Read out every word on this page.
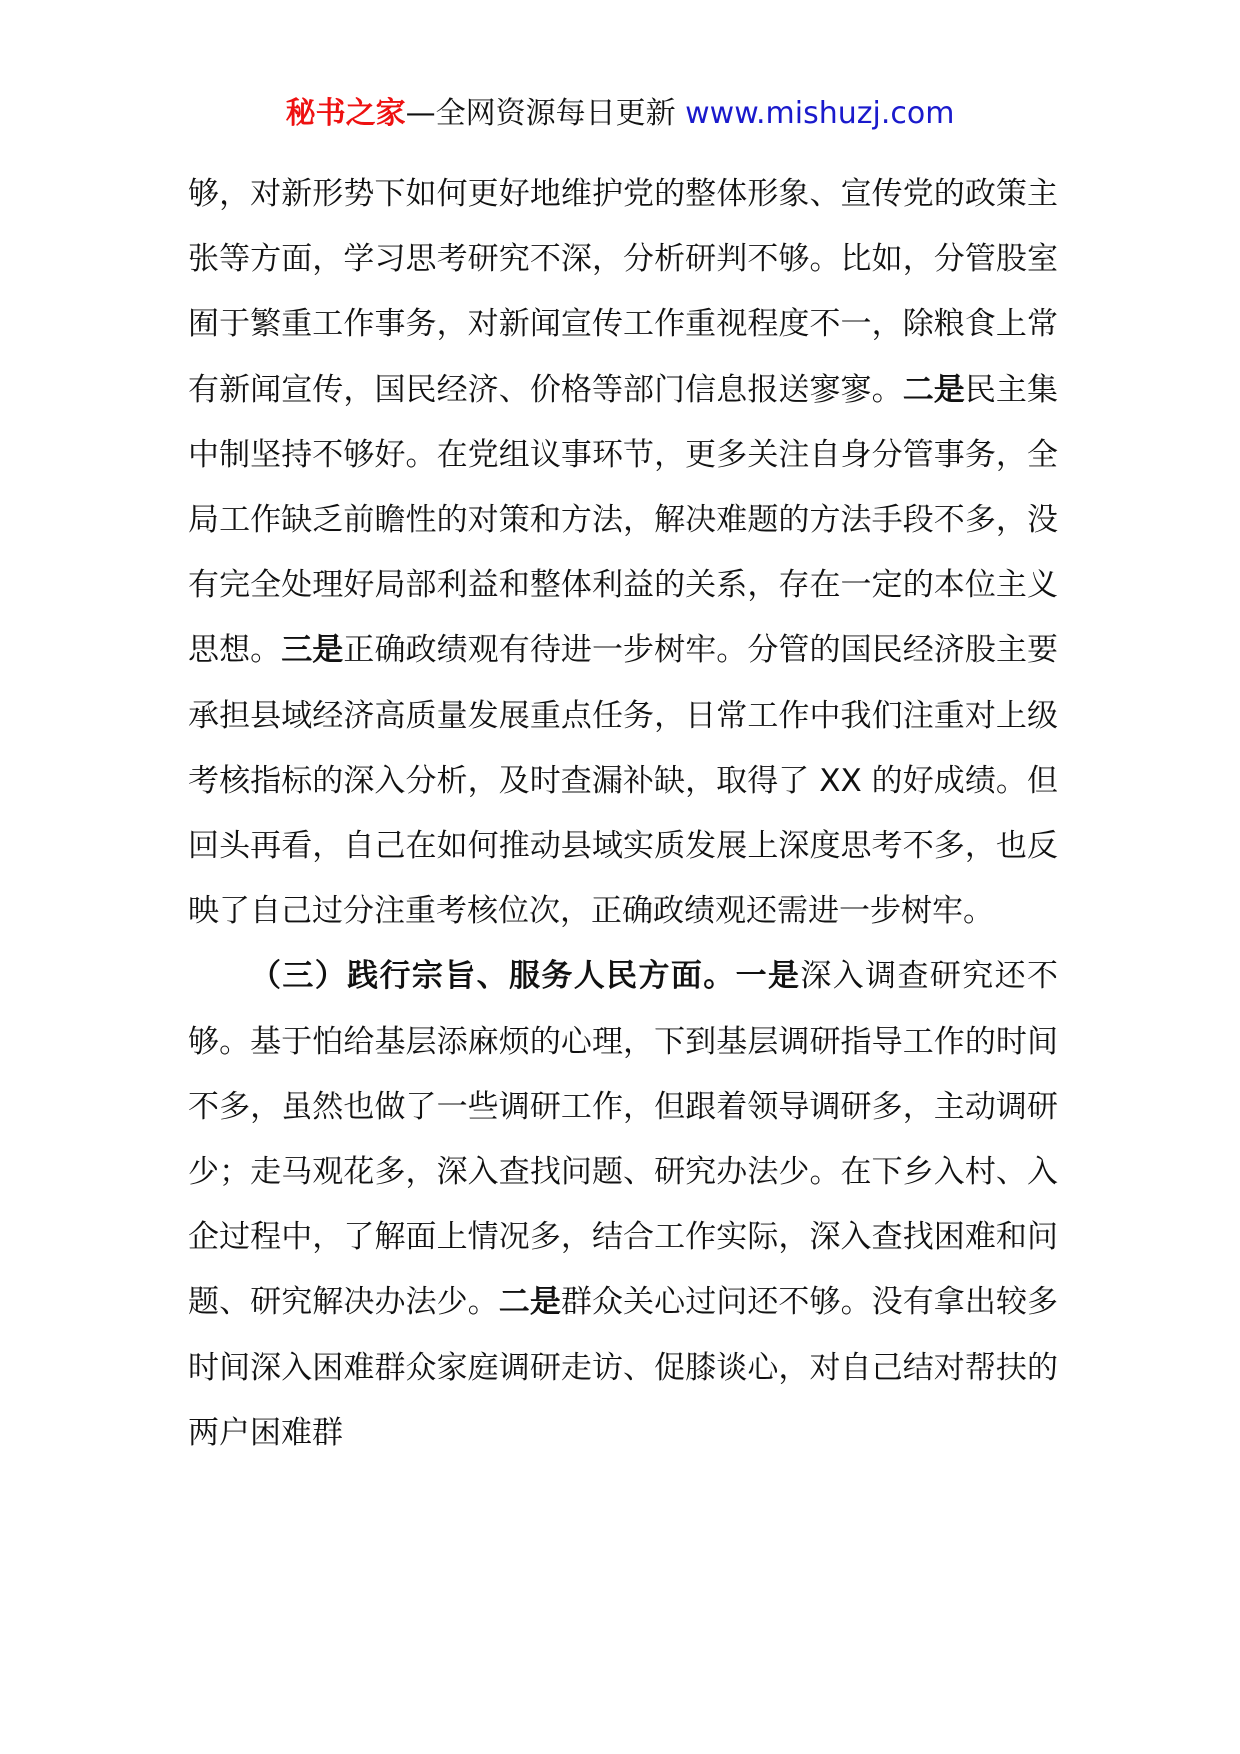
秘书之家—全网资源每日更新 www.mishuzj.com

够，对新形势下如何更好地维护党的整体形象、宣传党的政策主张等方面，学习思考研究不深，分析研判不够。比如，分管股室囿于繁重工作事务，对新闻宣传工作重视程度不一，除粮食上常有新闻宣传，国民经济、价格等部门信息报送寥寥。二是民主集中制坚持不够好。在党组议事环节，更多关注自身分管事务，全局工作缺乏前瞻性的对策和方法，解决难题的方法手段不多，没有完全处理好局部利益和整体利益的关系，存在一定的本位主义思想。三是正确政绩观有待进一步树牢。分管的国民经济股主要承担县域经济高质量发展重点任务，日常工作中我们注重对上级考核指标的深入分析，及时查漏补缺，取得了 XX 的好成绩。但回头再看，自己在如何推动县域实质发展上深度思考不多，也反映了自己过分注重考核位次，正确政绩观还需进一步树牢。

（三）践行宗旨、服务人民方面。一是深入调查研究还不够。基于怕给基层添麻烦的心理，下到基层调研指导工作的时间不多，虽然也做了一些调研工作，但跟着领导调研多，主动调研少；走马观花多，深入查找问题、研究办法少。在下乡入村、入企过程中，了解面上情况多，结合工作实际，深入查找困难和问题、研究解决办法少。二是群众关心过问还不够。没有拿出较多时间深入困难群众家庭调研走访、促膝谈心，对自己结对帮扶的两户困难群
